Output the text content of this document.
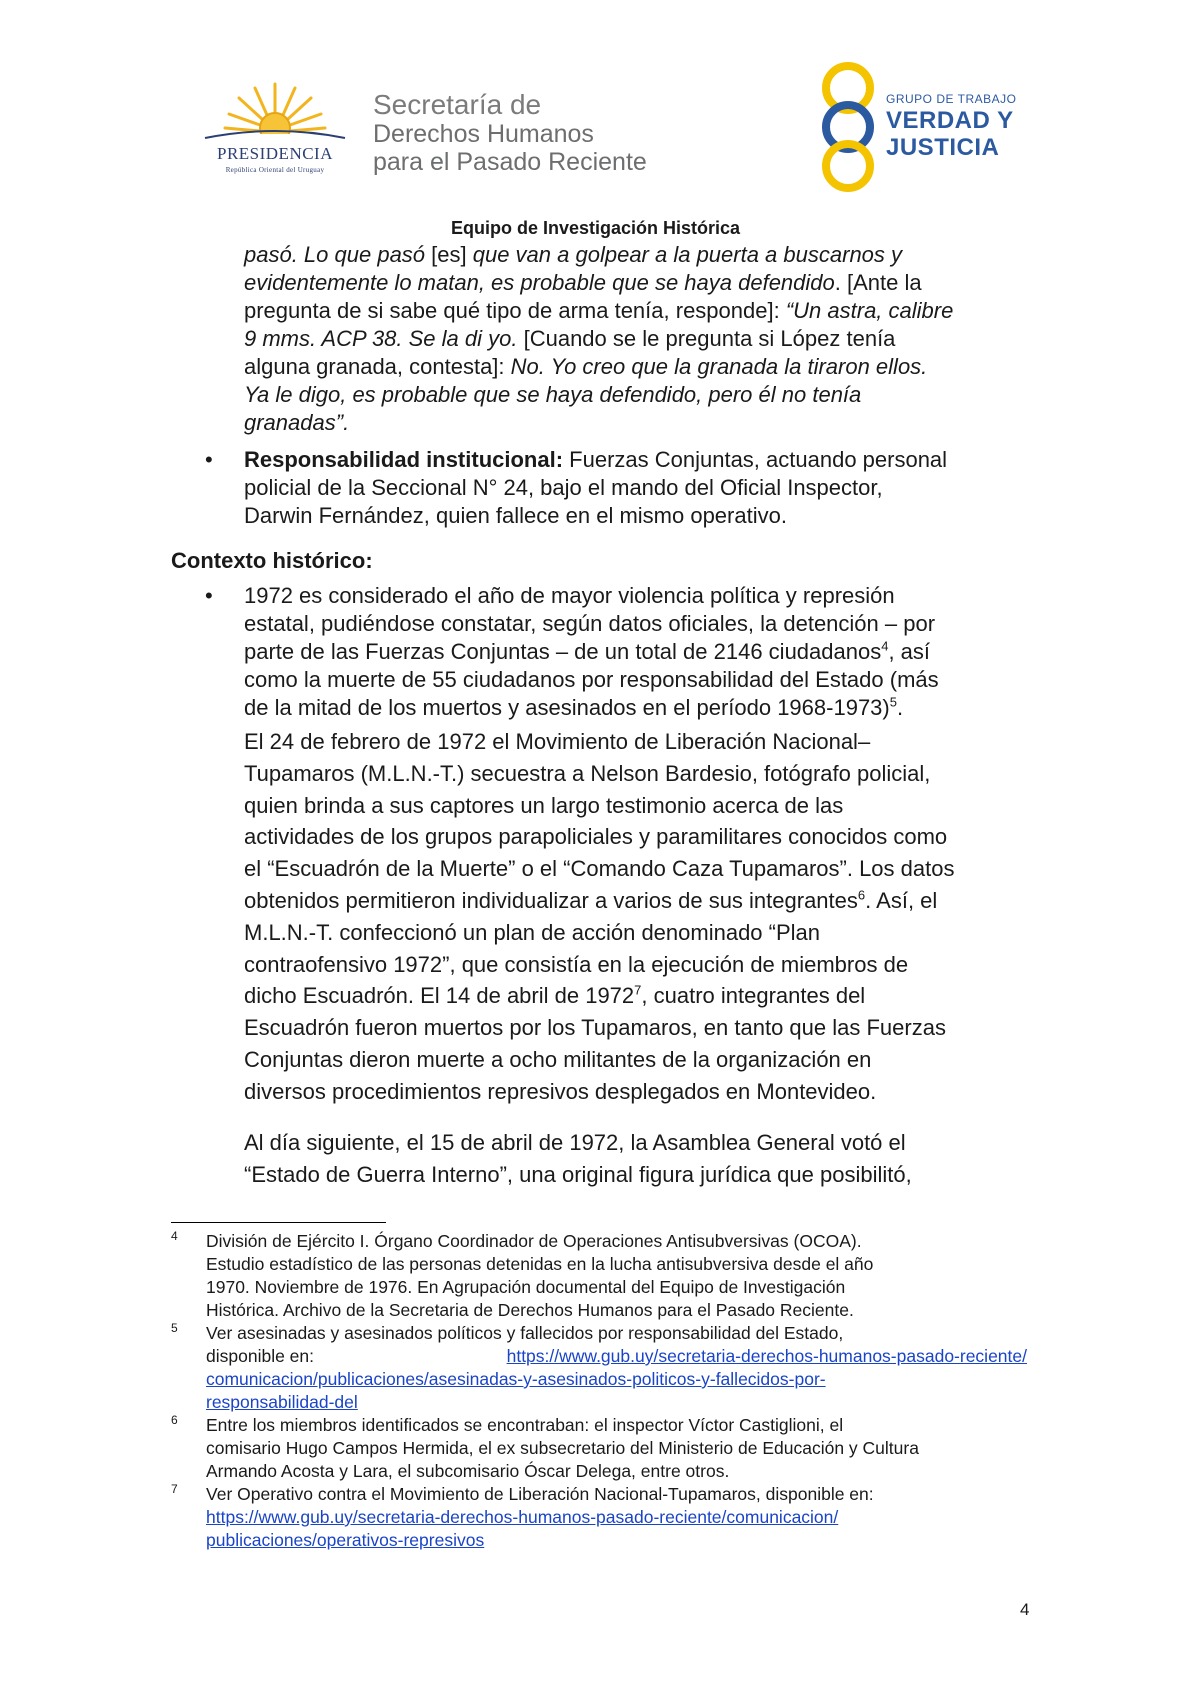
PRESIDENCIA
República Oriental del Uruguay
Secretaría de
Derechos Humanos
para el Pasado Reciente
GRUPO DE TRABAJO
VERDAD Y
JUSTICIA
Equipo de Investigación Histórica
pasó. Lo que pasó [es] que van a golpear a la puerta a buscarnos y
evidentemente lo matan, es probable que se haya defendido. [Ante la
pregunta de si sabe qué tipo de arma tenía, responde]: “Un astra, calibre
9 mms. ACP 38. Se la di yo. [Cuando se le pregunta si López tenía
alguna granada, contesta]: No. Yo creo que la granada la tiraron ellos.
Ya le digo, es probable que se haya defendido, pero él no tenía
granadas”.
• Responsabilidad institucional: Fuerzas Conjuntas, actuando personal
policial de la Seccional N° 24, bajo el mando del Oficial Inspector,
Darwin Fernández, quien fallece en el mismo operativo.
Contexto histórico:
• 1972 es considerado el año de mayor violencia política y represión
estatal, pudiéndose constatar, según datos oficiales, la detención – por
parte de las Fuerzas Conjuntas – de un total de 2146 ciudadanos$^4$, así
como la muerte de 55 ciudadanos por responsabilidad del Estado (más
de la mitad de los muertos y asesinados en el período 1968-1973)$^5$.
El 24 de febrero de 1972 el Movimiento de Liberación Nacional–
Tupamaros (M.L.N.-T.) secuestra a Nelson Bardesio, fotógrafo policial,
quien brinda a sus captores un largo testimonio acerca de las
actividades de los grupos parapoliciales y paramilitares conocidos como
el “Escuadrón de la Muerte” o el “Comando Caza Tupamaros”. Los datos
obtenidos permitieron individualizar a varios de sus integrantes$^6$. Así, el
M.L.N.-T. confeccionó un plan de acción denominado “Plan
contraofensivo 1972”, que consistía en la ejecución de miembros de
dicho Escuadrón. El 14 de abril de 1972$^7$, cuatro integrantes del
Escuadrón fueron muertos por los Tupamaros, en tanto que las Fuerzas
Conjuntas dieron muerte a ocho militantes de la organización en
diversos procedimientos represivos desplegados en Montevideo.
Al día siguiente, el 15 de abril de 1972, la Asamblea General votó el
“Estado de Guerra Interno”, una original figura jurídica que posibilitó,
4 División de Ejército I. Órgano Coordinador de Operaciones Antisubversivas (OCOA).
Estudio estadístico de las personas detenidas en la lucha antisubversiva desde el año
1970. Noviembre de 1976. En Agrupación documental del Equipo de Investigación
Histórica. Archivo de la Secretaria de Derechos Humanos para el Pasado Reciente.
5 Ver asesinadas y asesinados políticos y fallecidos por responsabilidad del Estado,
disponible en:	https://www.gub.uy/secretaria-derechos-humanos-pasado-reciente/
comunicacion/publicaciones/asesinadas-y-asesinados-politicos-y-fallecidos-por-
responsabilidad-del
6 Entre los miembros identificados se encontraban: el inspector Víctor Castiglioni, el
comisario Hugo Campos Hermida, el ex subsecretario del Ministerio de Educación y Cultura
Armando Acosta y Lara, el subcomisario Óscar Delega, entre otros.
7 Ver Operativo contra el Movimiento de Liberación Nacional-Tupamaros, disponible en:
https://www.gub.uy/secretaria-derechos-humanos-pasado-reciente/comunicacion/
publicaciones/operativos-represivos
4
